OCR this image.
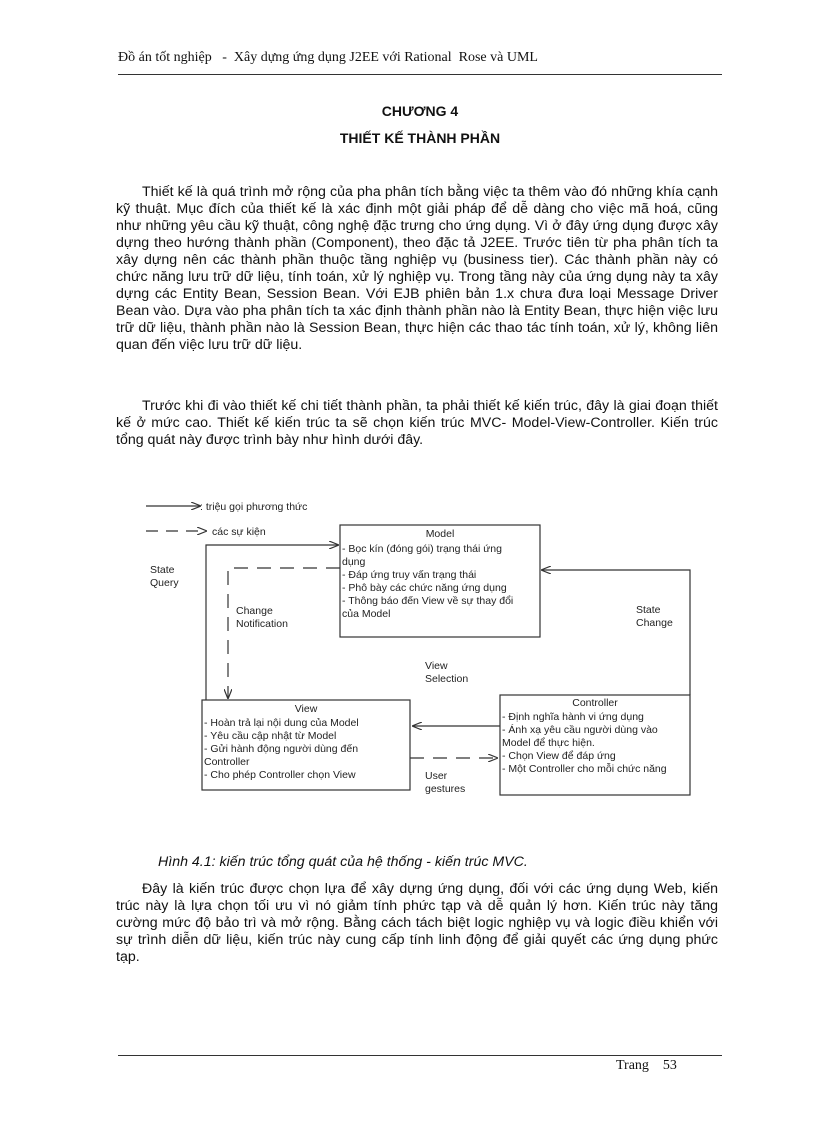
Đồ án tốt nghiệp   -  Xây dựng ứng dụng J2EE với Rational  Rose và UML
CHƯƠNG 4
THIẾT KẾ THÀNH PHẦN
Thiết kế là quá trình mở rộng của pha phân tích bằng việc ta thêm vào đó những khía cạnh kỹ thuật. Mục đích của thiết kế là xác định một giải pháp để dễ dàng cho việc mã hoá, cũng như những yêu cầu kỹ thuật, công nghệ đặc trưng cho ứng dụng. Vì ở đây ứng dụng được xây dựng theo hướng thành phần (Component), theo đặc tả J2EE. Trước tiên từ pha phân tích ta xây dựng nên các thành phần thuộc tầng nghiệp vụ (business tier). Các thành phần này có chức năng lưu trữ dữ liệu, tính toán, xử lý nghiệp vụ. Trong tầng này của ứng dụng này ta xây dựng các Entity Bean, Session Bean. Với EJB phiên bản 1.x chưa đưa loại Message Driver Bean vào. Dựa vào pha phân tích ta xác định thành phần nào là Entity Bean, thực hiện việc lưu trữ dữ liệu, thành phần nào là Session Bean, thực hiện các thao tác tính toán, xử lý, không liên quan đến việc lưu trữ dữ liệu.
Trước khi đi vào thiết kế chi tiết thành phần, ta phải thiết kế kiến trúc, đây là giai đoạn thiết kế ở mức cao. Thiết kế kiến trúc ta sẽ chọn kiến trúc MVC- Model-View-Controller. Kiến trúc tổng quát này được trình bày như hình dưới đây.
: triệu gọi phương thức
các sự kiện	Model
- Bọc kín (đóng gói) trạng thái ứng
dụng
- Đáp ứng truy vấn trạng thái
- Phô bày các chức năng ứng dụng
- Thông báo đến View về sự thay đổi
của Model
View
- Hoàn trả lại nội dung của Model
- Yêu cầu cập nhật từ Model
- Gửi hành động người dùng đến
Controller
- Cho phép Controller chọn View
Controller
- Định nghĩa hành vi ứng dụng
- Ánh xạ yêu cầu người dùng vào
Model để thực hiện.
- Chọn View để đáp ứng
- Một Controller cho mỗi chức năng
State
Query
Change
Notification
State
Change
View
Selection
User
gestures
Hình 4.1: kiến trúc tổng quát của hệ thống - kiến trúc MVC.
Đây là kiến trúc được chọn lựa để xây dựng ứng dụng, đối với các ứng dụng Web, kiến trúc này là lựa chọn tối ưu vì nó giảm tính phức tạp và dễ quản lý hơn. Kiến trúc này tăng cường mức độ bảo trì và mở rộng. Bằng cách tách biệt logic nghiệp vụ và logic điều khiển với sự trình diễn dữ liệu, kiến trúc này cung cấp tính linh động để giải quyết các ứng dụng phức tạp.
Trang    53
